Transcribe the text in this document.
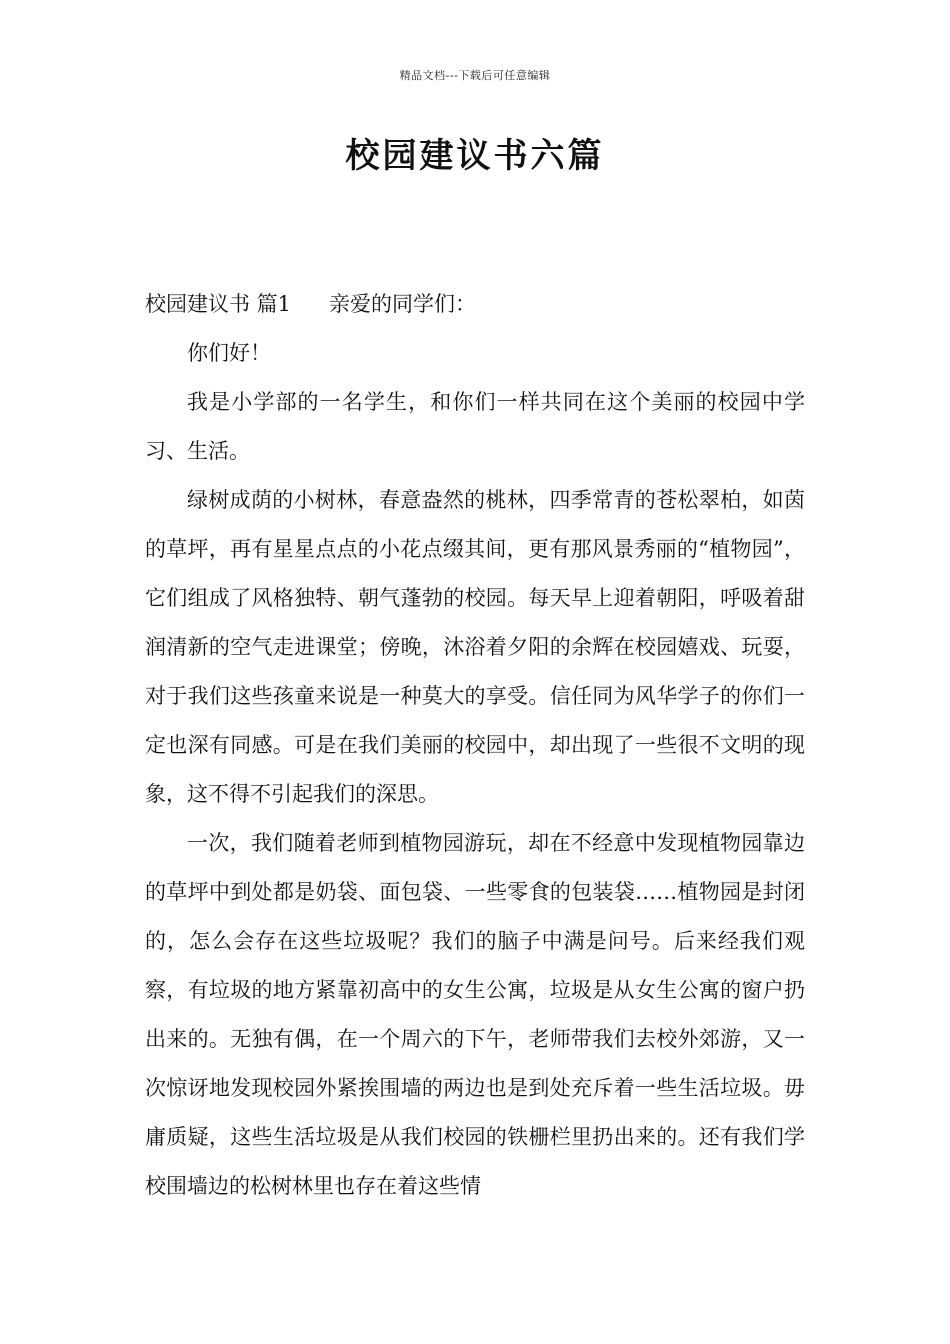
精品文档---下载后可任意编辑
校园建议书六篇

校园建议书 篇1 亲爱的同学们：

你们好！

我是小学部的一名学生，和你们一样共同在这个美丽的校园中学习、生活。

绿树成荫的小树林，春意盎然的桃林，四季常青的苍松翠柏，如茵的草坪，再有星星点点的小花点缀其间，更有那风景秀丽的“植物园”，它们组成了风格独特、朝气蓬勃的校园。每天早上迎着朝阳，呼吸着甜润清新的空气走进课堂；傍晚，沐浴着夕阳的余辉在校园嬉戏、玩耍，对于我们这些孩童来说是一种莫大的享受。信任同为风华学子的你们一定也深有同感。可是在我们美丽的校园中，却出现了一些很不文明的现象，这不得不引起我们的深思。

一次，我们随着老师到植物园游玩，却在不经意中发现植物园靠边的草坪中到处都是奶袋、面包袋、一些零食的包装袋……植物园是封闭的，怎么会存在这些垃圾呢？我们的脑子中满是问号。后来经我们观察，有垃圾的地方紧靠初高中的女生公寓，垃圾是从女生公寓的窗户扔出来的。无独有偶，在一个周六的下午，老师带我们去校外郊游，又一次惊讶地发现校园外紧挨围墙的两边也是到处充斥着一些生活垃圾。毋庸质疑，这些生活垃圾是从我们校园的铁栅栏里扔出来的。还有我们学校围墙边的松树林里也存在着这些情
